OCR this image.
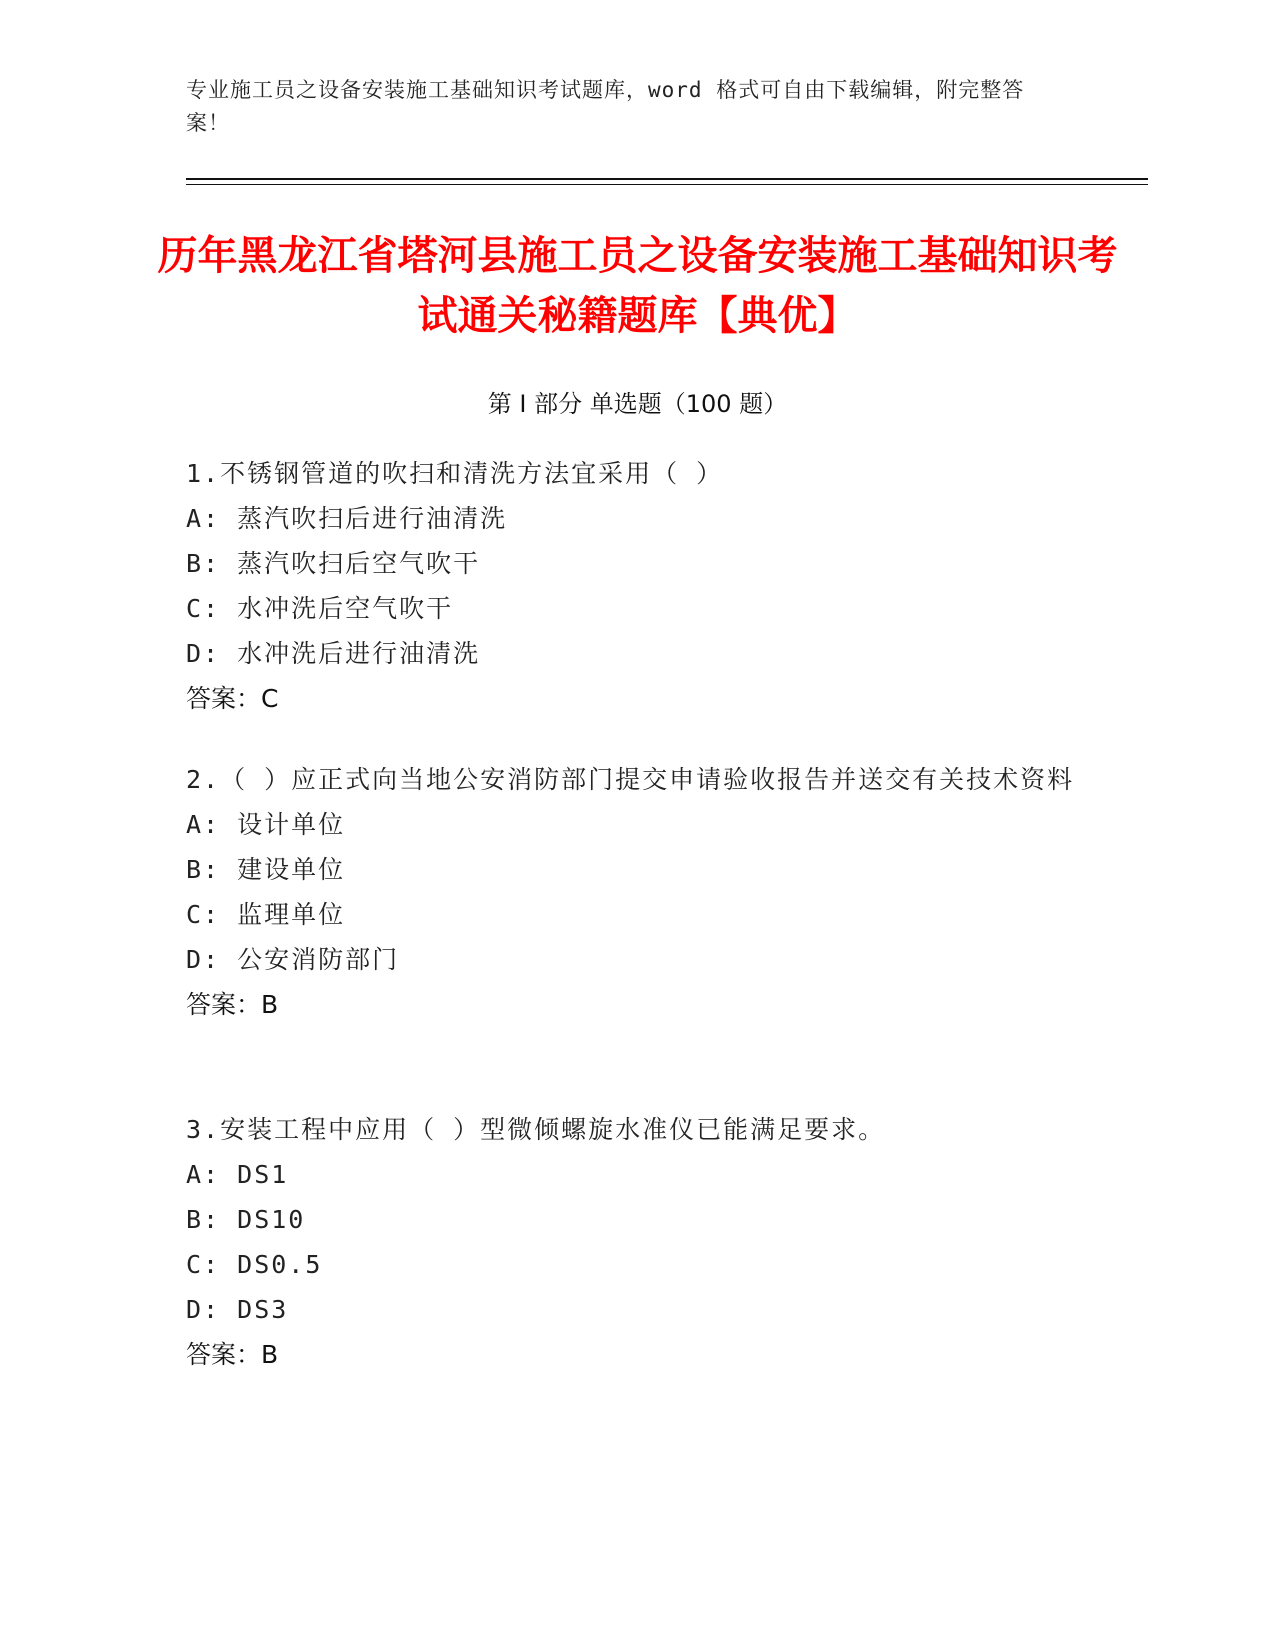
专业施工员之设备安装施工基础知识考试题库，word 格式可自由下载编辑，附完整答案！
历年黑龙江省塔河县施工员之设备安装施工基础知识考试通关秘籍题库【典优】
第 I 部分 单选题（100 题）
1.不锈钢管道的吹扫和清洗方法宜采用（ ）
A: 蒸汽吹扫后进行油清洗
B: 蒸汽吹扫后空气吹干
C: 水冲洗后空气吹干
D: 水冲洗后进行油清洗
答案：C
2.（ ）应正式向当地公安消防部门提交申请验收报告并送交有关技术资料
A: 设计单位
B: 建设单位
C: 监理单位
D: 公安消防部门
答案：B
3.安装工程中应用（ ）型微倾螺旋水准仪已能满足要求。
A: DS1
B: DS10
C: DS0.5
D: DS3
答案：B
